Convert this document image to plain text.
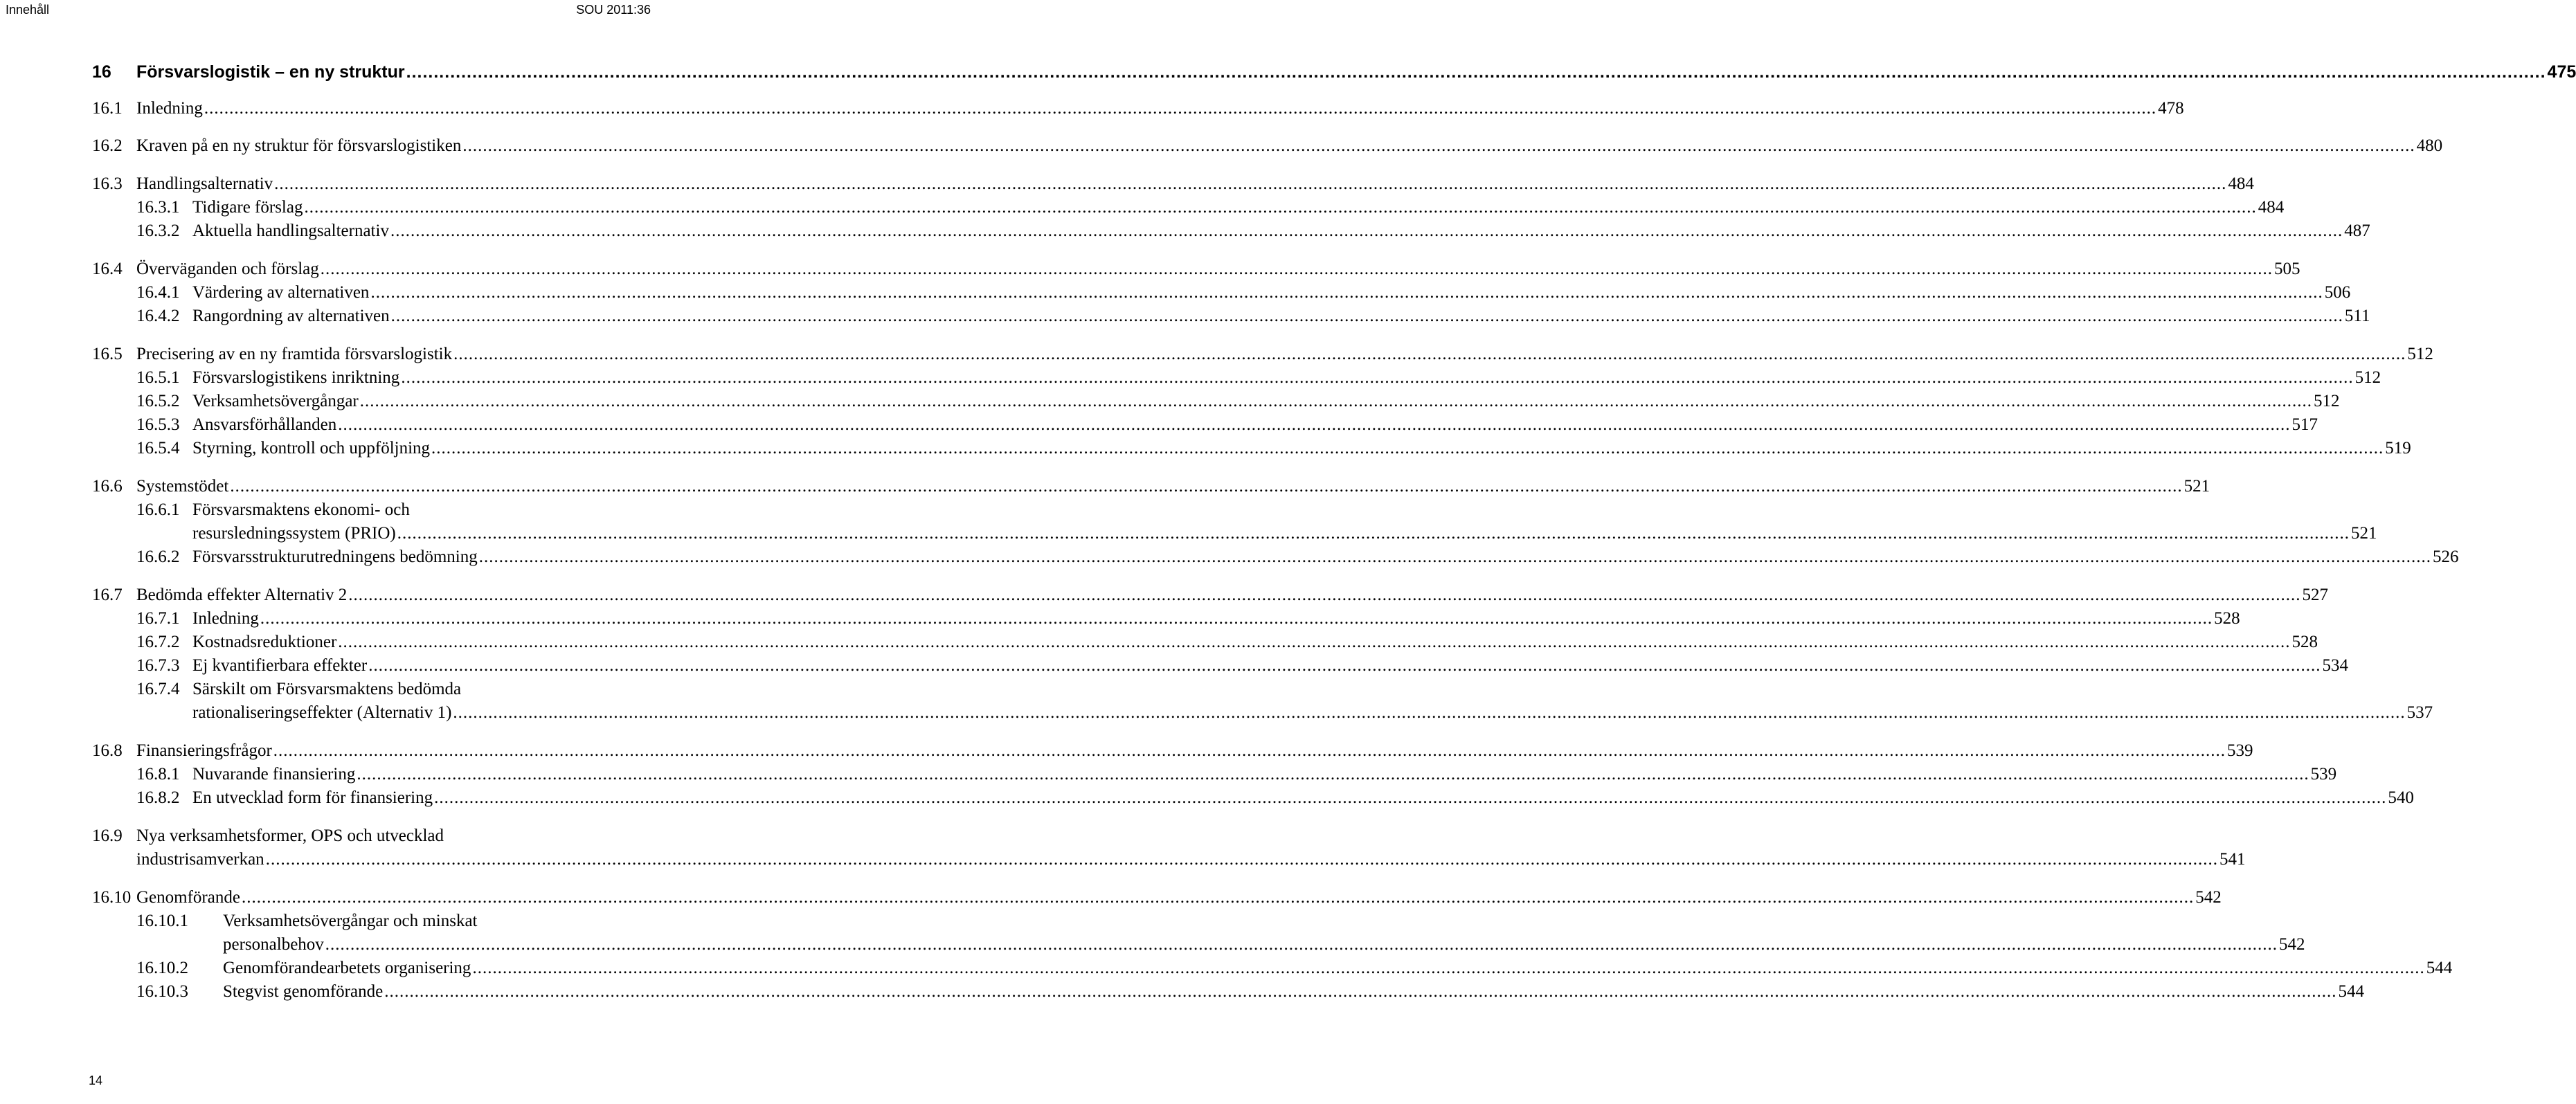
Innehåll	SOU 2011:36
16	Försvarslogistik – en ny struktur .....	475
16.1 Inledning .....	478
16.2 Kraven på en ny struktur för försvarslogistiken .....	480
16.3 Handlingsalternativ .....	484
16.3.1 Tidigare förslag .....	484
16.3.2 Aktuella handlingsalternativ .....	487
16.4 Överväganden och förslag .....	505
16.4.1 Värdering av alternativen .....	506
16.4.2 Rangordning av alternativen .....	511
16.5 Precisering av en ny framtida försvarslogistik .....	512
16.5.1 Försvarslogistikens inriktning .....	512
16.5.2 Verksamhetsövergångar .....	512
16.5.3 Ansvarsförhållanden .....	517
16.5.4 Styrning, kontroll och uppföljning .....	519
16.6 Systemstödet .....	521
16.6.1 Försvarsmaktens ekonomi- och
resursledningssystem (PRIO) .....	521
16.6.2 Försvarsstrukturutredningens bedömning .....	526
16.7 Bedömda effekter Alternativ 2 .....	527
16.7.1 Inledning .....	528
16.7.2 Kostnadsreduktioner .....	528
16.7.3 Ej kvantifierbara effekter .....	534
16.7.4 Särskilt om Försvarsmaktens bedömda
rationaliseringseffekter (Alternativ 1) .....	537
16.8 Finansieringsfrågor .....	539
16.8.1 Nuvarande finansiering .....	539
16.8.2 En utvecklad form för finansiering .....	540
16.9 Nya verksamhetsformer, OPS och utvecklad
industrisamverkan .....	541
16.10 Genomförande .....	542
16.10.1 Verksamhetsövergångar och minskat
personalbehov .....	542
16.10.2	Genomförandearbetets organisering .....	544
16.10.3	Stegvist genomförande .....	544
14
